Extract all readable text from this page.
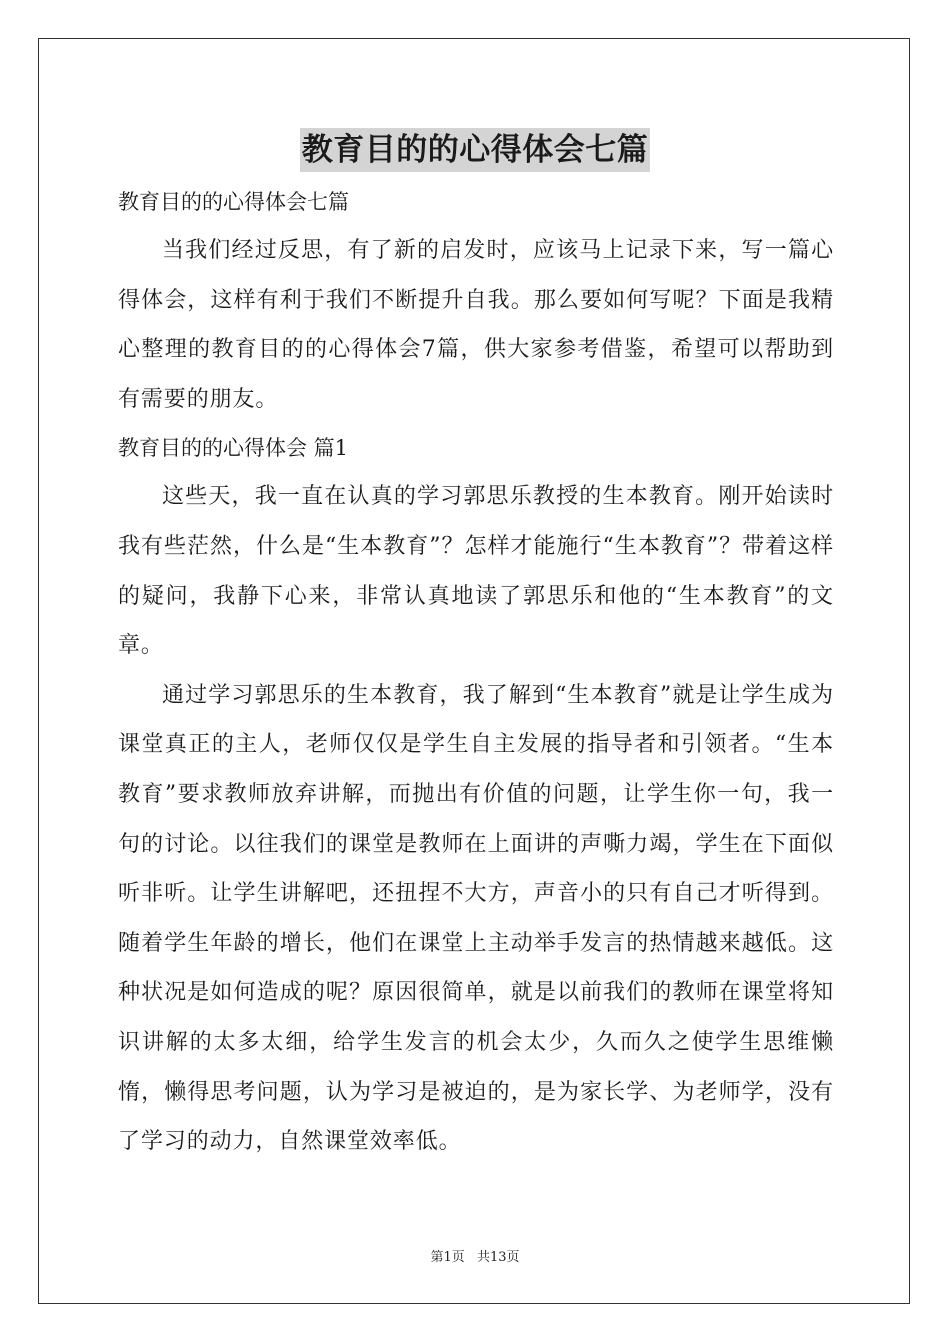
教育目的的心得体会七篇

教育目的的心得体会七篇

当我们经过反思，有了新的启发时，应该马上记录下来，写一篇心得体会，这样有利于我们不断提升自我。那么要如何写呢？下面是我精心整理的教育目的的心得体会7篇，供大家参考借鉴，希望可以帮助到有需要的朋友。

教育目的的心得体会 篇1

这些天，我一直在认真的学习郭思乐教授的生本教育。刚开始读时我有些茫然，什么是“生本教育”？怎样才能施行“生本教育”？带着这样的疑问，我静下心来，非常认真地读了郭思乐和他的“生本教育”的文章。

通过学习郭思乐的生本教育，我了解到“生本教育”就是让学生成为课堂真正的主人，老师仅仅是学生自主发展的指导者和引领者。“生本教育”要求教师放弃讲解，而抛出有价值的问题，让学生你一句，我一句的讨论。以往我们的课堂是教师在上面讲的声嘶力竭，学生在下面似听非听。让学生讲解吧，还扭捏不大方，声音小的只有自己才听得到。随着学生年龄的增长，他们在课堂上主动举手发言的热情越来越低。这种状况是如何造成的呢？原因很简单，就是以前我们的教师在课堂将知识讲解的太多太细，给学生发言的机会太少，久而久之使学生思维懒惰，懒得思考问题，认为学习是被迫的，是为家长学、为老师学，没有了学习的动力，自然课堂效率低。

第1页 共13页
